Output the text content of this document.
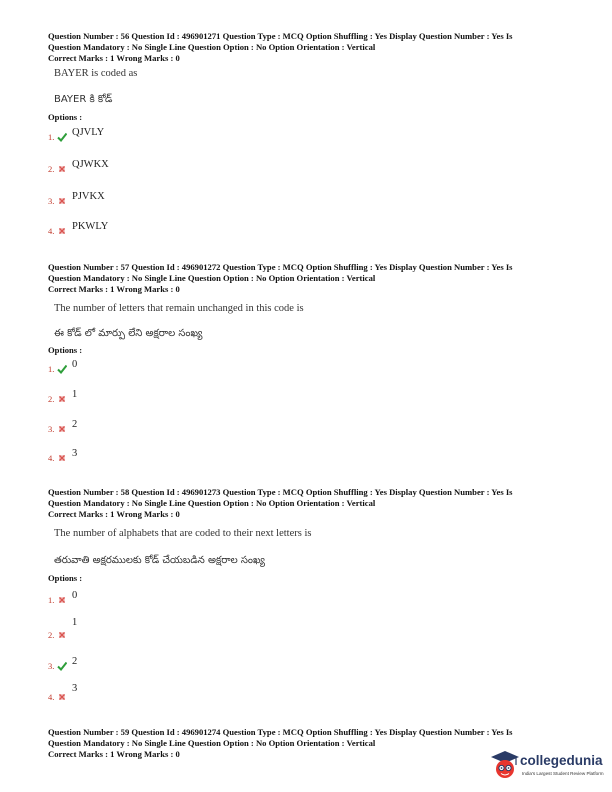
Question Number : 56 Question Id : 496901271 Question Type : MCQ Option Shuffling : Yes Display Question Number : Yes Is
Question Mandatory : No Single Line Question Option : No Option Orientation : Vertical
Correct Marks : 1 Wrong Marks : 0
BAYER is coded as
BAYER కి కోడ్
Options :
1. QJVLY
2. QJWKX
3. PJVKX
4. PKWLY
Question Number : 57 Question Id : 496901272 Question Type : MCQ Option Shuffling : Yes Display Question Number : Yes Is
Question Mandatory : No Single Line Question Option : No Option Orientation : Vertical
Correct Marks : 1 Wrong Marks : 0
The number of letters that remain unchanged in this code is
ఈ కోడ్ లో మార్పు లేని అక్షరాల సంఖ్య
Options :
1. 0
2. 1
3. 2
4. 3
Question Number : 58 Question Id : 496901273 Question Type : MCQ Option Shuffling : Yes Display Question Number : Yes Is
Question Mandatory : No Single Line Question Option : No Option Orientation : Vertical
Correct Marks : 1 Wrong Marks : 0
The number of alphabets that are coded to their next letters is
తరువాతి అక్షరములకు కోడ్ చేయబడిన అక్షరాల సంఖ్య
Options :
1. 0
2.
1
3. 2
4.
3
Question Number : 59 Question Id : 496901274 Question Type : MCQ Option Shuffling : Yes Display Question Number : Yes Is
Question Mandatory : No Single Line Question Option : No Option Orientation : Vertical
Correct Marks : 1 Wrong Marks : 0	collegedunia
India's Largest Student Review Platform
